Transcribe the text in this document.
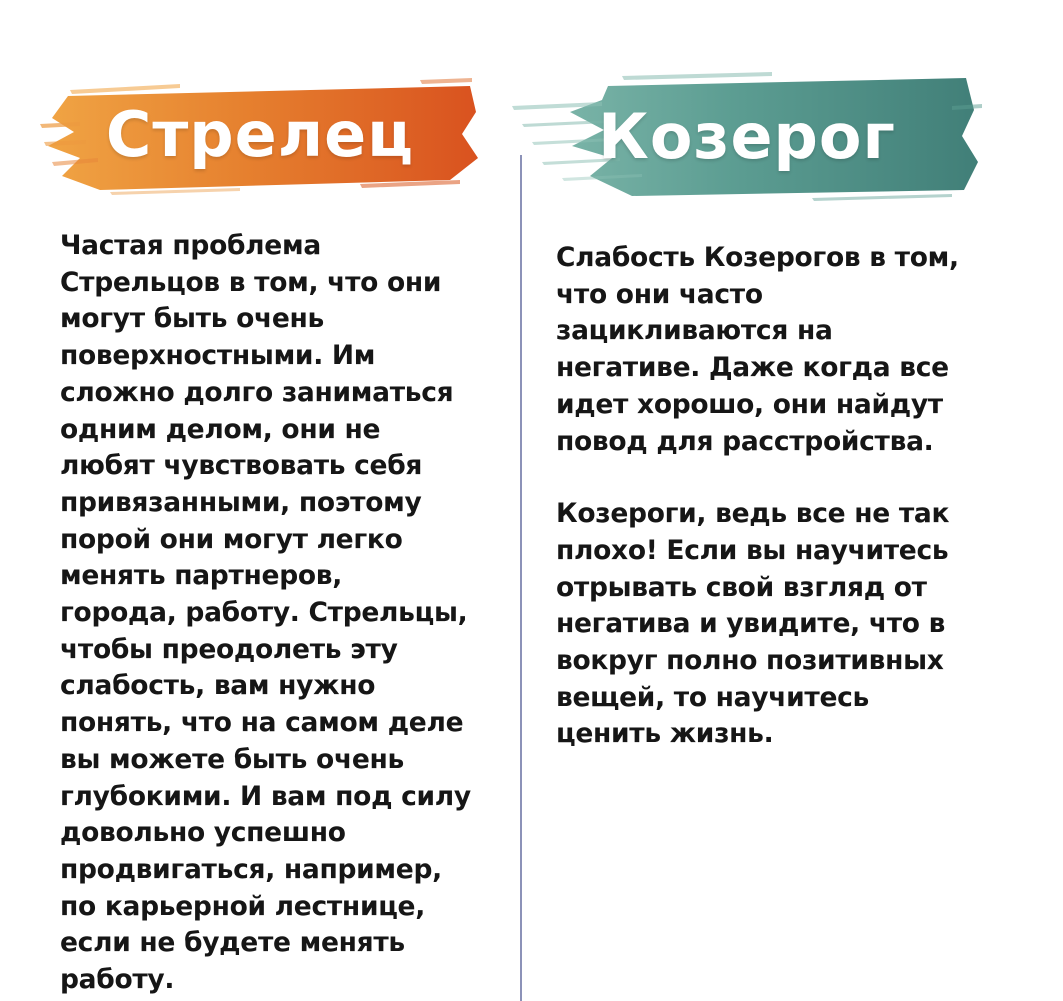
Стрелец	Козерог

Частая проблема
Стрельцов в том, что они
могут быть очень
поверхностными. Им
сложно долго заниматься
одним делом, они не
любят чувствовать себя
привязанными, поэтому
порой они могут легко
менять партнеров,
города, работу. Стрельцы,
чтобы преодолеть эту
слабость, вам нужно
понять, что на самом деле
вы можете быть очень
глубокими. И вам под силу
довольно успешно
продвигаться, например,
по карьерной лестнице,
если не будете менять
работу.

Слабость Козерогов в том,
что они часто
зацикливаются на
негативе. Даже когда все
идет хорошо, они найдут
повод для расстройства.

Козероги, ведь все не так
плохо! Если вы научитесь
отрывать свой взгляд от
негатива и увидите, что в
вокруг полно позитивных
вещей, то научитесь
ценить жизнь.
